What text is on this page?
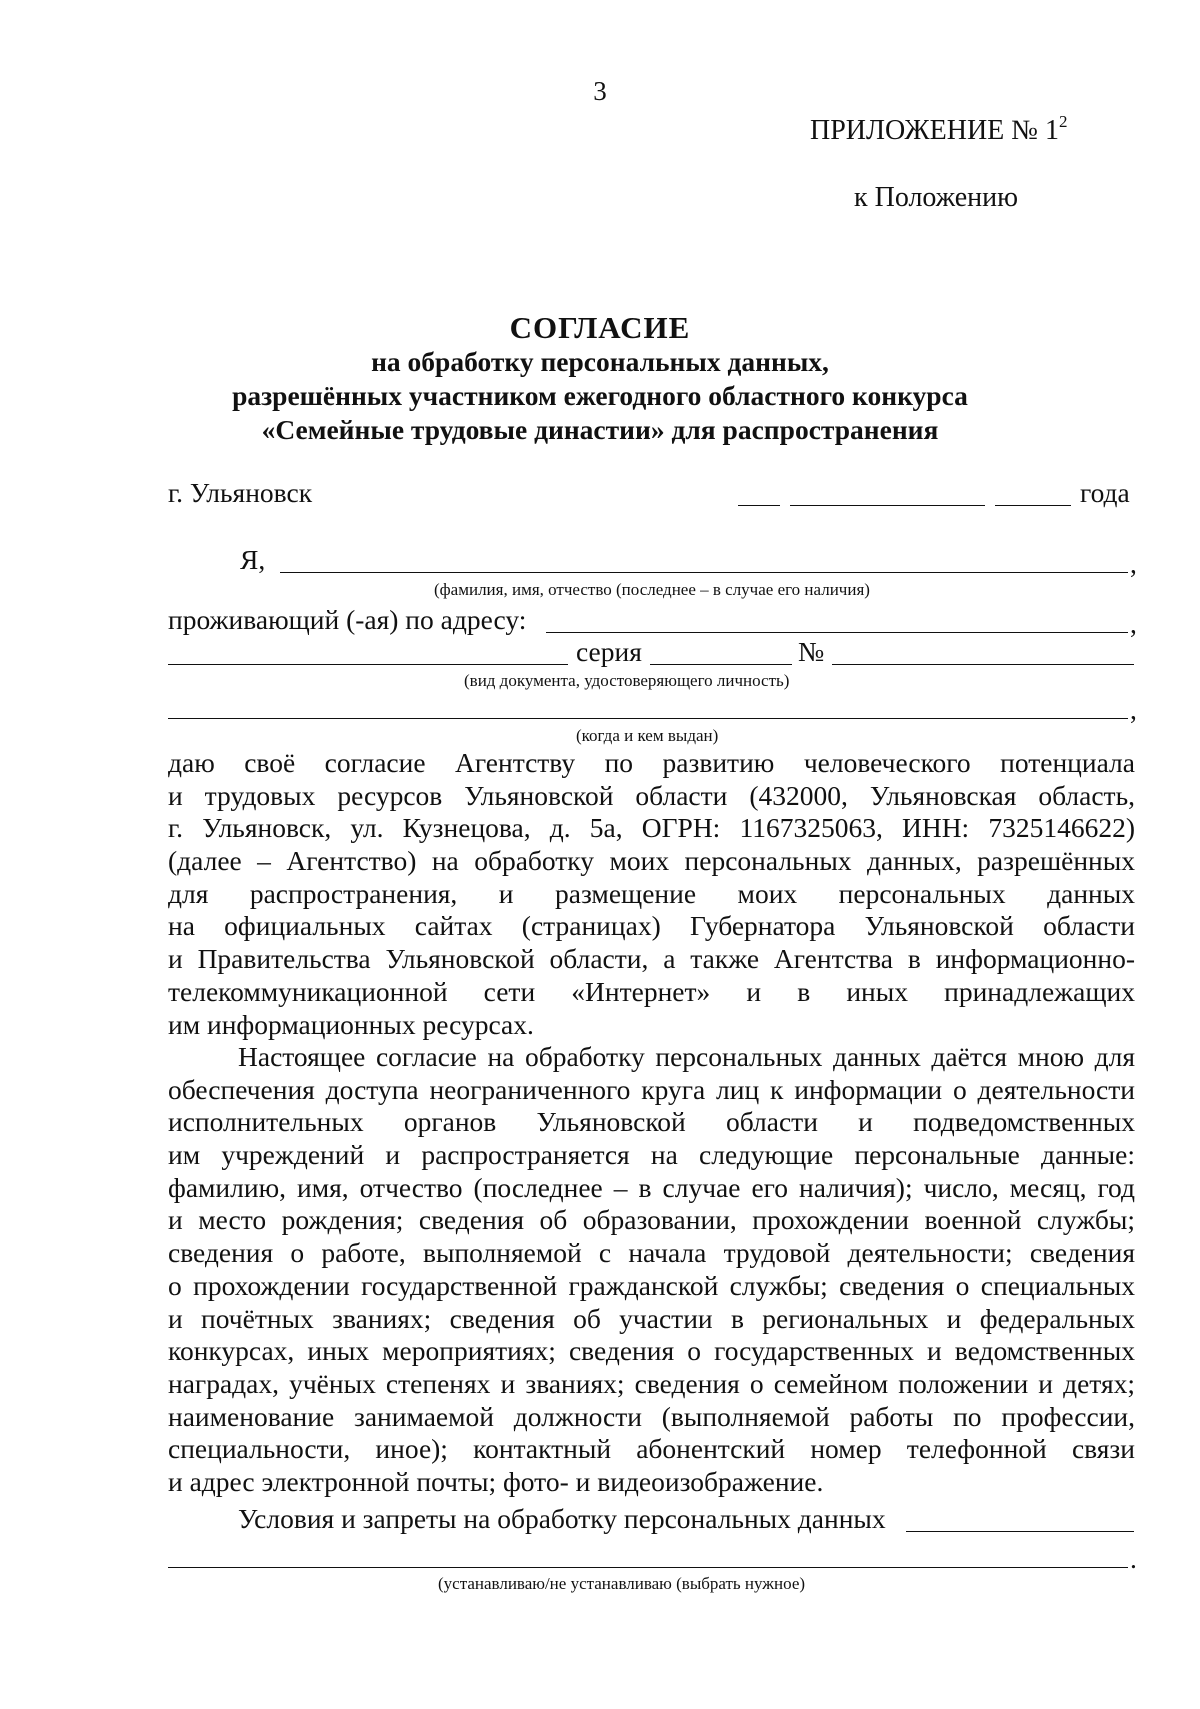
3
ПРИЛОЖЕНИЕ № $1^2$
к Положению
СОГЛАСИЕ
на обработку персональных данных,
разрешённых участником ежегодного областного конкурса
«Семейные трудовые династии» для распространения
г. Ульяновск	года
Я,	,
(фамилия, имя, отчество (последнее – в случае его наличия)
проживающий (-ая) по адресу:	,
серия	№
(вид документа, удостоверяющего личность)
,
(когда и кем выдан)
даю своё согласие Агентству по развитию человеческого потенциала
и трудовых ресурсов Ульяновской области (432000, Ульяновская область,
г. Ульяновск, ул. Кузнецова, д. 5а, ОГРН: 1167325063, ИНН: 7325146622)
(далее – Агентство) на обработку моих персональных данных, разрешённых
для распространения, и размещение моих персональных данных
на официальных сайтах (страницах) Губернатора Ульяновской области
и Правительства Ульяновской области, а также Агентства в информационно-
телекоммуникационной сети «Интернет» и в иных принадлежащих
им информационных ресурсах.
Настоящее согласие на обработку персональных данных даётся мною для
обеспечения доступа неограниченного круга лиц к информации о деятельности
исполнительных органов Ульяновской области и подведомственных
им учреждений и распространяется на следующие персональные данные:
фамилию, имя, отчество (последнее – в случае его наличия); число, месяц, год
и место рождения; сведения об образовании, прохождении военной службы;
сведения о работе, выполняемой с начала трудовой деятельности; сведения
о прохождении государственной гражданской службы; сведения о специальных
и почётных званиях; сведения об участии в региональных и федеральных
конкурсах, иных мероприятиях; сведения о государственных и ведомственных
наградах, учёных степенях и званиях; сведения о семейном положении и детях;
наименование занимаемой должности (выполняемой работы по профессии,
специальности, иное); контактный абонентский номер телефонной связи
и адрес электронной почты; фото- и видеоизображение.
Условия и запреты на обработку персональных данных
.
(устанавливаю/не устанавливаю (выбрать нужное)
